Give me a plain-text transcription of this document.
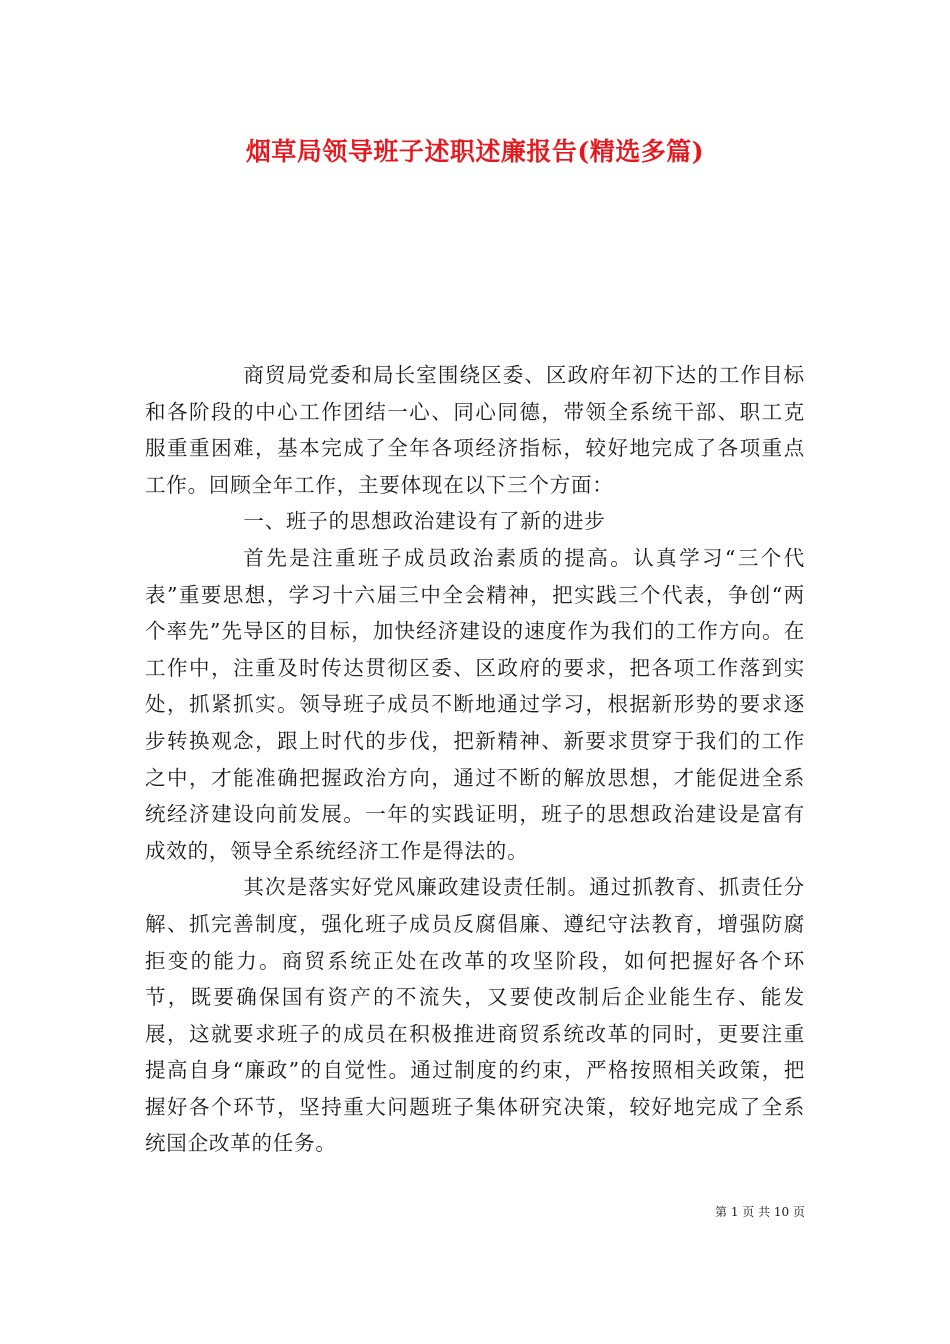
烟草局领导班子述职述廉报告(精选多篇)

商贸局党委和局长室围绕区委、区政府年初下达的工作目标和各阶段的中心工作团结一心、同心同德，带领全系统干部、职工克服重重困难，基本完成了全年各项经济指标，较好地完成了各项重点工作。回顾全年工作，主要体现在以下三个方面：

一、班子的思想政治建设有了新的进步

首先是注重班子成员政治素质的提高。认真学习“三个代表”重要思想，学习十六届三中全会精神，把实践三个代表，争创“两个率先”先导区的目标，加快经济建设的速度作为我们的工作方向。在工作中，注重及时传达贯彻区委、区政府的要求，把各项工作落到实处，抓紧抓实。领导班子成员不断地通过学习，根据新形势的要求逐步转换观念，跟上时代的步伐，把新精神、新要求贯穿于我们的工作之中，才能准确把握政治方向，通过不断的解放思想，才能促进全系统经济建设向前发展。一年的实践证明，班子的思想政治建设是富有成效的，领导全系统经济工作是得法的。

其次是落实好党风廉政建设责任制。通过抓教育、抓责任分解、抓完善制度，强化班子成员反腐倡廉、遵纪守法教育，增强防腐拒变的能力。商贸系统正处在改革的攻坚阶段，如何把握好各个环节，既要确保国有资产的不流失，又要使改制后企业能生存、能发展，这就要求班子的成员在积极推进商贸系统改革的同时，更要注重提高自身“廉政”的自觉性。通过制度的约束，严格按照相关政策，把握好各个环节，坚持重大问题班子集体研究决策，较好地完成了全系统国企改革的任务。

第 1 页 共 10 页
